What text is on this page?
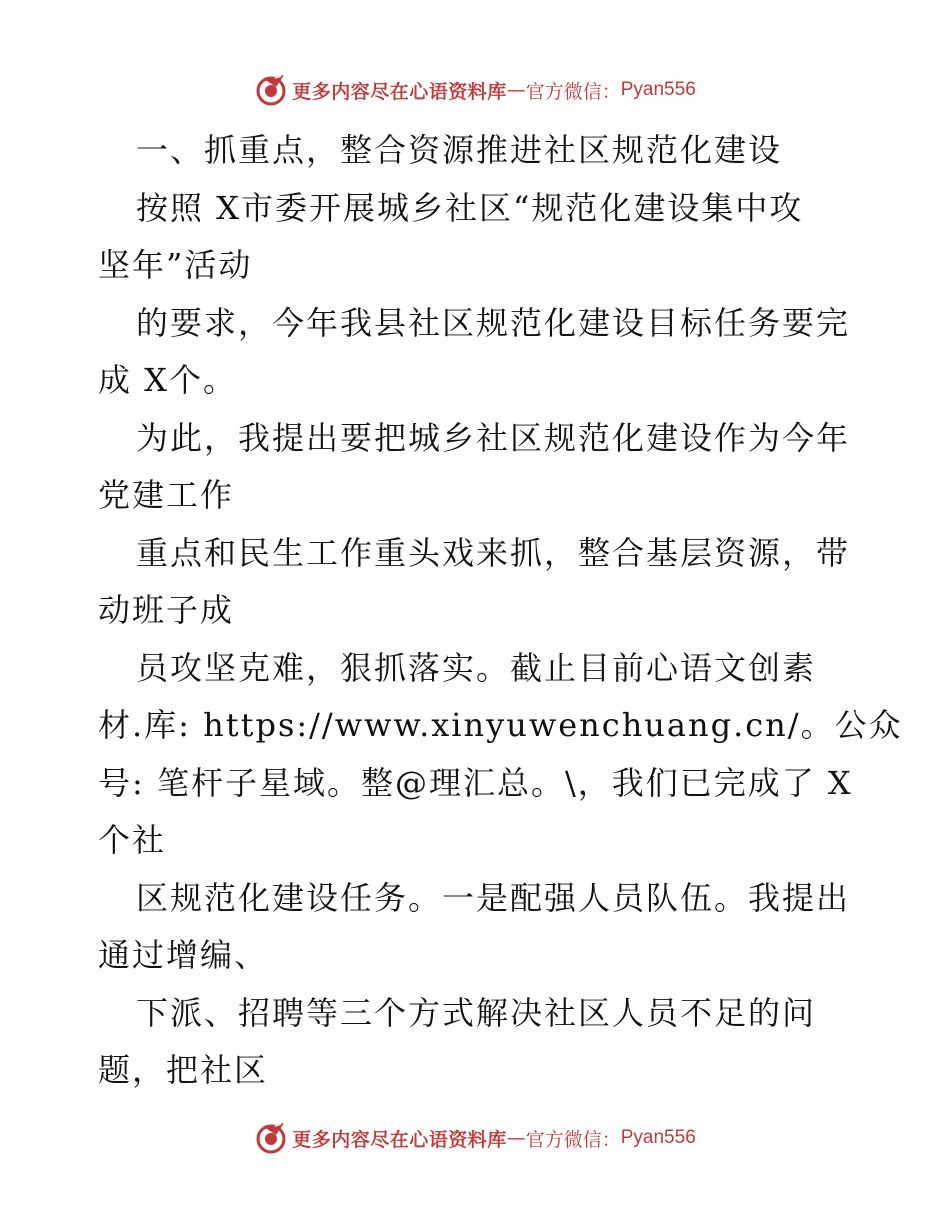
更多内容尽在心语资料库 — 官方微信： Pyan556
一、抓重点，整合资源推进社区规范化建设
按照 X市委开展城乡社区“规范化建设集中攻
坚年”活动
的要求，今年我县社区规范化建设目标任务要完
成 X个。
为此，我提出要把城乡社区规范化建设作为今年
党建工作
重点和民生工作重头戏来抓，整合基层资源，带
动班子成
员攻坚克难，狠抓落实。截止目前心语文创素
材.库: https://www.xinyuwenchuang.cn/。公众
号: 笔杆子星域。整@理汇总。\，我们已完成了 X
个社
区规范化建设任务。一是配强人员队伍。我提出
通过增编、
下派、招聘等三个方式解决社区人员不足的问
题，把社区
更多内容尽在心语资料库 — 官方微信： Pyan556
